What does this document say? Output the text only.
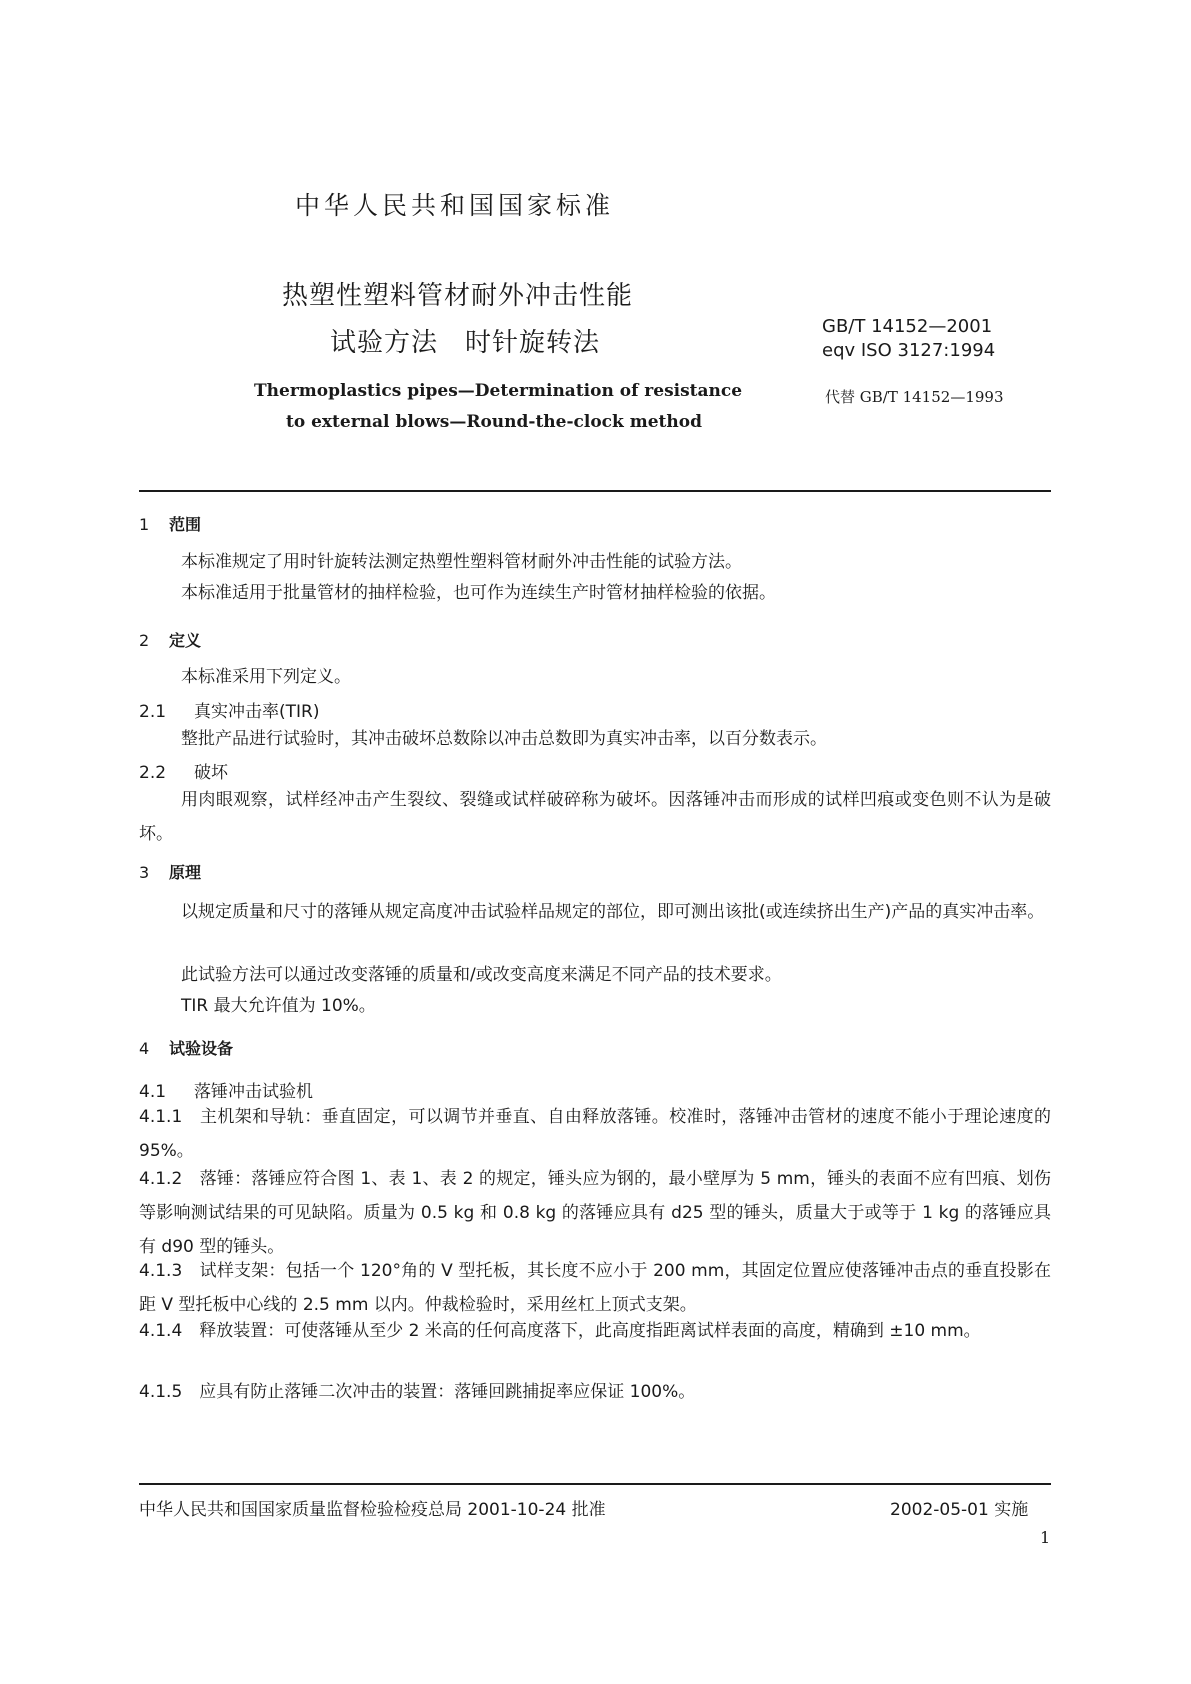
中华人民共和国国家标准
热塑性塑料管材耐外冲击性能
试验方法　时针旋转法
GB/T 14152—2001
eqv ISO 3127:1994
代替 GB/T 14152—1993
Thermoplastics pipes—Determination of resistance
to external blows—Round-the-clock method
1 范围
本标准规定了用时针旋转法测定热塑性塑料管材耐外冲击性能的试验方法。
本标准适用于批量管材的抽样检验，也可作为连续生产时管材抽样检验的依据。
2 定义
本标准采用下列定义。
2.1 真实冲击率(TIR)
整批产品进行试验时，其冲击破坏总数除以冲击总数即为真实冲击率，以百分数表示。
2.2 破坏
用肉眼观察，试样经冲击产生裂纹、裂缝或试样破碎称为破坏。因落锤冲击而形成的试样凹痕或变色则不认为是破坏。
3 原理
以规定质量和尺寸的落锤从规定高度冲击试验样品规定的部位，即可测出该批(或连续挤出生产)产品的真实冲击率。
此试验方法可以通过改变落锤的质量和/或改变高度来满足不同产品的技术要求。
TIR 最大允许值为 10%。
4 试验设备
4.1 落锤冲击试验机
4.1.1　主机架和导轨：垂直固定，可以调节并垂直、自由释放落锤。校准时，落锤冲击管材的速度不能小于理论速度的 95%。
4.1.2　落锤：落锤应符合图 1、表 1、表 2 的规定，锤头应为钢的，最小壁厚为 5 mm，锤头的表面不应有凹痕、划伤等影响测试结果的可见缺陷。质量为 0.5 kg 和 0.8 kg 的落锤应具有 d25 型的锤头，质量大于或等于 1 kg 的落锤应具有 d90 型的锤头。
4.1.3　试样支架：包括一个 120°角的 V 型托板，其长度不应小于 200 mm，其固定位置应使落锤冲击点的垂直投影在距 V 型托板中心线的 2.5 mm 以内。仲裁检验时，采用丝杠上顶式支架。
4.1.4　释放装置：可使落锤从至少 2 米高的任何高度落下，此高度指距离试样表面的高度，精确到 ±10 mm。
4.1.5　应具有防止落锤二次冲击的装置：落锤回跳捕捉率应保证 100%。
中华人民共和国国家质量监督检验检疫总局 2001-10-24 批准	2002-05-01 实施
1
